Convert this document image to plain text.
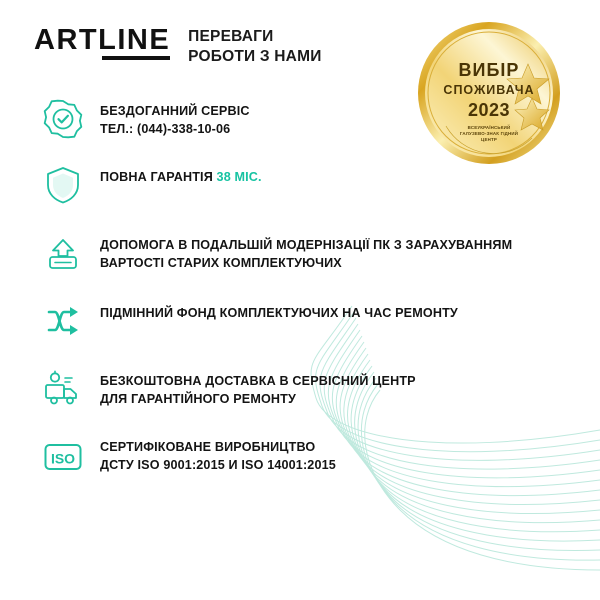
ARTLINE ПЕРЕВАГИ
РОБОТИ З НАМИ
ВИБІР
СПОЖИВАЧА
2023
ВСЕУКРАЇНСЬКИЙ
ГАЛУЗЕВО-ЗНАК ГІДНИЙ
ЦЕНТР
БЕЗДОГАННИЙ СЕРВІС
ТЕЛ.: (044)-338-10-06
ПОВНА ГАРАНТІЯ 38 МІС.
ДОПОМОГА В ПОДАЛЬШІЙ МОДЕРНІЗАЦІЇ ПК З ЗАРАХУВАННЯМ
ВАРТОСТІ СТАРИХ КОМПЛЕКТУЮЧИХ
ПІДМІННИЙ ФОНД КОМПЛЕКТУЮЧИХ НА ЧАС РЕМОНТУ
БЕЗКОШТОВНА ДОСТАВКА В СЕРВІСНИЙ ЦЕНТР
ДЛЯ ГАРАНТІЙНОГО РЕМОНТУ
ISO
СЕРТИФІКОВАНЕ ВИРОБНИЦТВО
ДСТУ ISO 9001:2015 И ISO 14001:2015
